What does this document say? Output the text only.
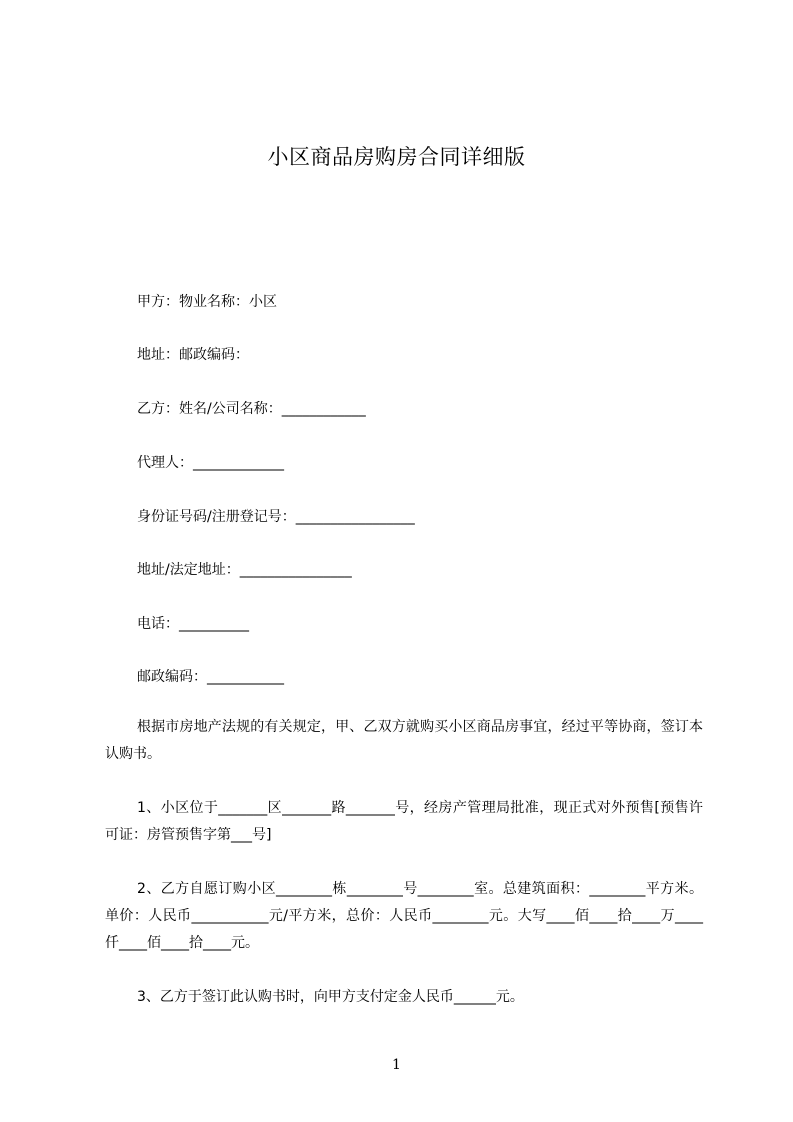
小区商品房购房合同详细版
甲方：物业名称：小区
地址：邮政编码：
乙方：姓名/公司名称：____________
代理人：_____________
身份证号码/注册登记号：_________________
地址/法定地址：________________
电话：__________
邮政编码：___________
根据市房地产法规的有关规定，甲、乙双方就购买小区商品房事宜，经过平等协商，签订本认购书。
1、小区位于_______区_______路_______号，经房产管理局批准，现正式对外预售[预售许可证：房管预售字第___号]
2、乙方自愿订购小区________栋________号________室。总建筑面积：________平方米。单价：人民币___________元/平方米，总价：人民币________元。大写____佰____拾____万____仟____佰____拾____元。
3、乙方于签订此认购书时，向甲方支付定金人民币______元。
1
